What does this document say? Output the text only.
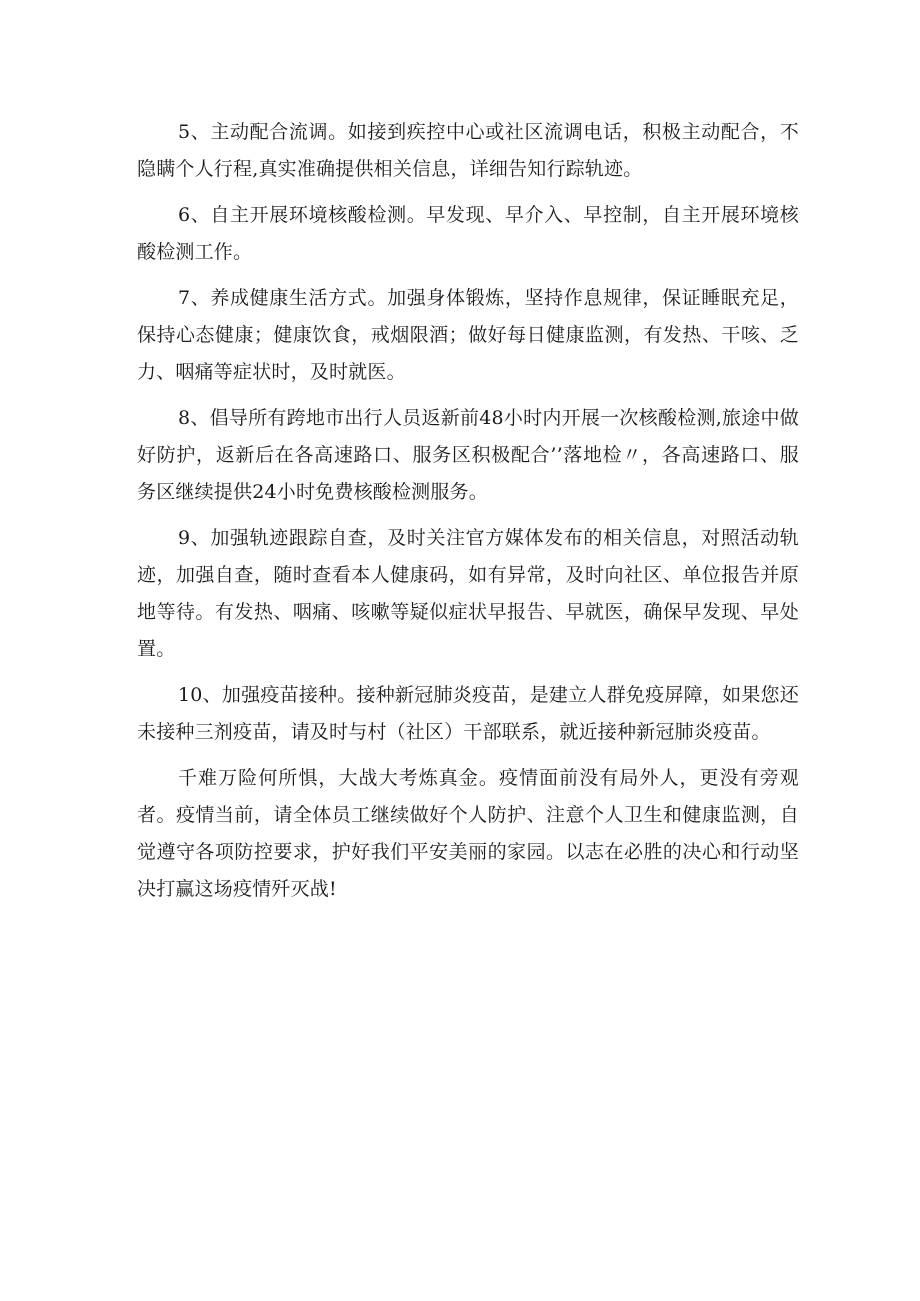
5、主动配合流调。如接到疾控中心或社区流调电话，积极主动配合，不隐瞒个人行程,真实准确提供相关信息，详细告知行踪轨迹。

6、自主开展环境核酸检测。早发现、早介入、早控制，自主开展环境核酸检测工作。

7、养成健康生活方式。加强身体锻炼，坚持作息规律，保证睡眠充足，保持心态健康；健康饮食，戒烟限酒；做好每日健康监测，有发热、干咳、乏力、咽痛等症状时，及时就医。

8、倡导所有跨地市出行人员返新前48小时内开展一次核酸检测,旅途中做好防护，返新后在各高速路口、服务区积极配合’’落地检〃，各高速路口、服务区继续提供24小时免费核酸检测服务。

9、加强轨迹跟踪自查，及时关注官方媒体发布的相关信息，对照活动轨迹，加强自查，随时查看本人健康码，如有异常，及时向社区、单位报告并原地等待。有发热、咽痛、咳嗽等疑似症状早报告、早就医，确保早发现、早处置。

10、加强疫苗接种。接种新冠肺炎疫苗，是建立人群免疫屏障，如果您还未接种三剂疫苗，请及时与村（社区）干部联系，就近接种新冠肺炎疫苗。

千难万险何所惧，大战大考炼真金。疫情面前没有局外人，更没有旁观者。疫情当前，请全体员工继续做好个人防护、注意个人卫生和健康监测，自觉遵守各项防控要求，护好我们平安美丽的家园。以志在必胜的决心和行动坚决打赢这场疫情歼灭战!
